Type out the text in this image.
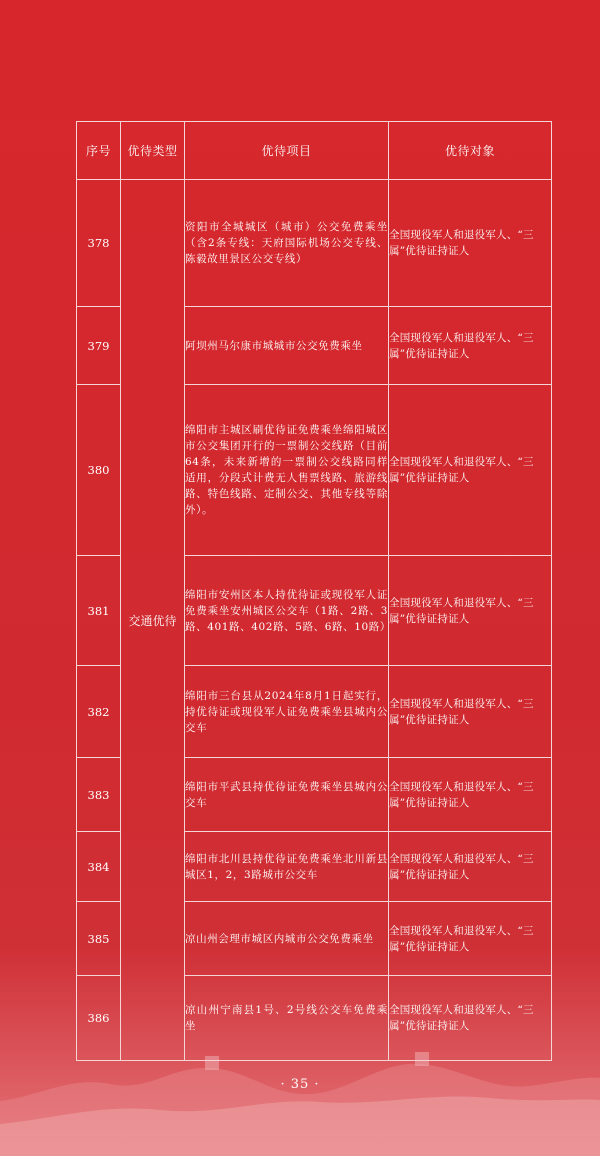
序号	优待类型	优待项目	优待对象
378	交通优待	资阳市全城城区（城市）公交免费乘坐（含2条专线：天府国际机场公交专线、陈毅故里景区公交专线）	全国现役军人和退役军人、“三属”优待证持证人
379		阿坝州马尔康市城城市公交免费乘坐	全国现役军人和退役军人、“三属”优待证持证人
380		绵阳市主城区刷优待证免费乘坐绵阳城区市公交集团开行的一票制公交线路（目前64条，未来新增的一票制公交线路同样适用，分段式计费无人售票线路、旅游线路、特色线路、定制公交、其他专线等除外）。	全国现役军人和退役军人、“三属”优待证持证人
381		绵阳市安州区本人持优待证或现役军人证免费乘坐安州城区公交车（1路、2路、3路、401路、402路、5路、6路、10路）	全国现役军人和退役军人、“三属”优待证持证人
382		绵阳市三台县从2024年8月1日起实行，持优待证或现役军人证免费乘坐县城内公交车	全国现役军人和退役军人、“三属”优待证持证人
383		绵阳市平武县持优待证免费乘坐县城内公交车	全国现役军人和退役军人、“三属”优待证持证人
384		绵阳市北川县持优待证免费乘坐北川新县城区1，2，3路城市公交车	全国现役军人和退役军人、“三属”优待证持证人
385		凉山州会理市城区内城市公交免费乘坐	全国现役军人和退役军人、“三属”优待证持证人
386		凉山州宁南县1号、2号线公交车免费乘坐	全国现役军人和退役军人、“三属”优待证持证人
· 35 ·
